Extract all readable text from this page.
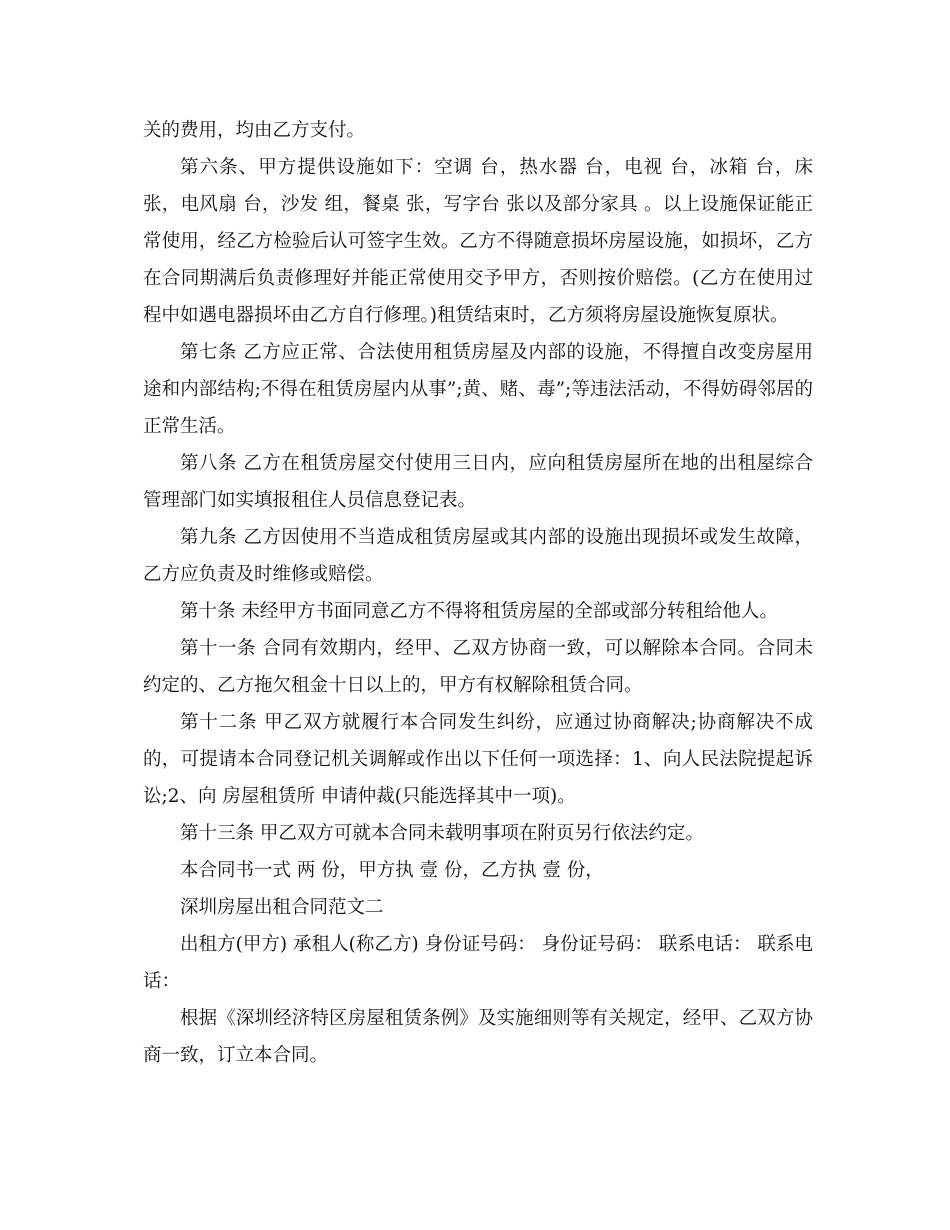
关的费用，均由乙方支付。

第六条、甲方提供设施如下：空调 台，热水器 台，电视 台，冰箱 台，床 张，电风扇 台，沙发 组，餐桌 张，写字台 张以及部分家具 。以上设施保证能正常使用，经乙方检验后认可签字生效。乙方不得随意损坏房屋设施，如损坏，乙方在合同期满后负责修理好并能正常使用交予甲方，否则按价赔偿。(乙方在使用过程中如遇电器损坏由乙方自行修理。)租赁结束时，乙方须将房屋设施恢复原状。

第七条 乙方应正常、合法使用租赁房屋及内部的设施，不得擅自改变房屋用途和内部结构;不得在租赁房屋内从事”;黄、赌、毒”;等违法活动，不得妨碍邻居的正常生活。

第八条 乙方在租赁房屋交付使用三日内，应向租赁房屋所在地的出租屋综合管理部门如实填报租住人员信息登记表。

第九条 乙方因使用不当造成租赁房屋或其内部的设施出现损坏或发生故障，乙方应负责及时维修或赔偿。

第十条 未经甲方书面同意乙方不得将租赁房屋的全部或部分转租给他人。

第十一条 合同有效期内，经甲、乙双方协商一致，可以解除本合同。合同未约定的、乙方拖欠租金十日以上的，甲方有权解除租赁合同。

第十二条 甲乙双方就履行本合同发生纠纷，应通过协商解决;协商解决不成的，可提请本合同登记机关调解或作出以下任何一项选择：1、向人民法院提起诉讼;2、向 房屋租赁所 申请仲裁(只能选择其中一项)。

第十三条 甲乙双方可就本合同未载明事项在附页另行依法约定。

本合同书一式 两 份，甲方执 壹 份，乙方执 壹 份，

深圳房屋出租合同范文二

出租方(甲方) 承租人(称乙方) 身份证号码： 身份证号码： 联系电话： 联系电话：

根据《深圳经济特区房屋租赁条例》及实施细则等有关规定，经甲、乙双方协商一致，订立本合同。
